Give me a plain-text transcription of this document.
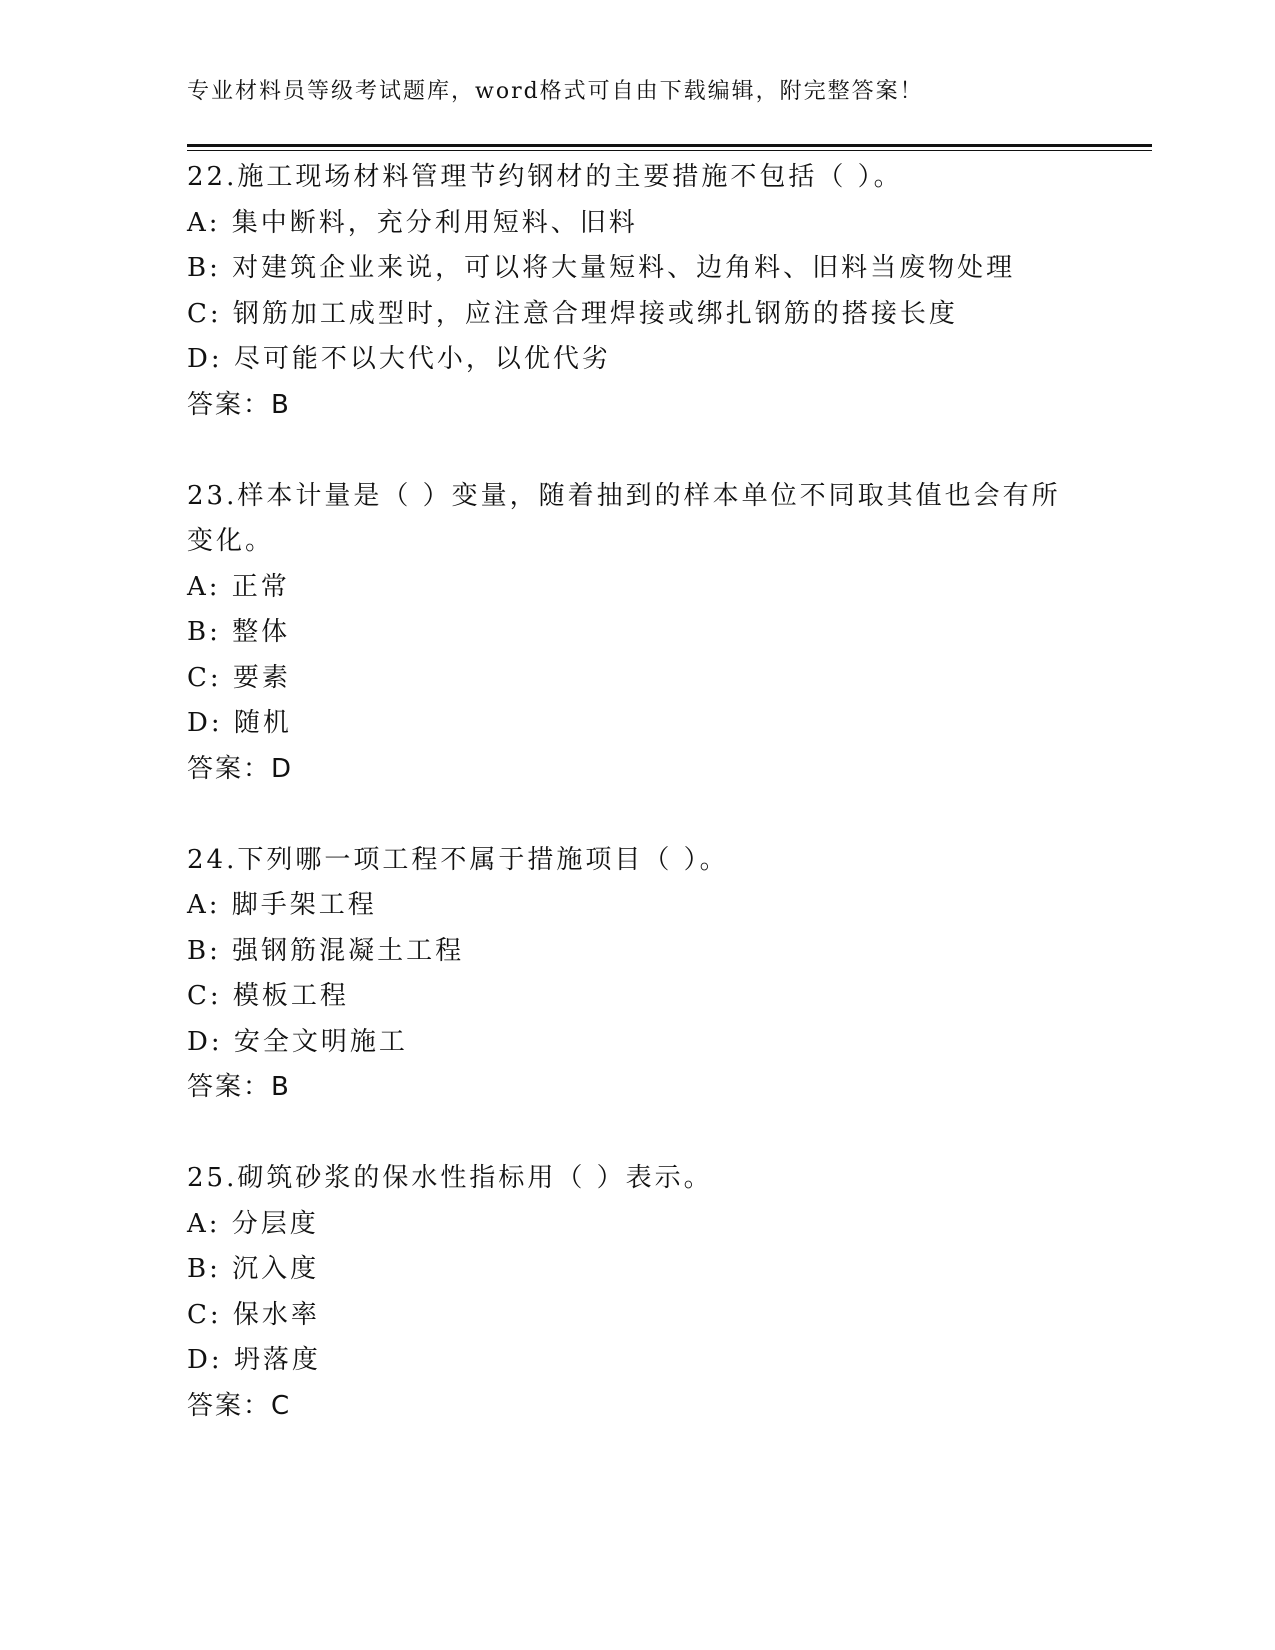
专业材料员等级考试题库，word格式可自由下载编辑，附完整答案！
22.施工现场材料管理节约钢材的主要措施不包括（ ）。
A: 集中断料，充分利用短料、旧料
B: 对建筑企业来说，可以将大量短料、边角料、旧料当废物处理
C: 钢筋加工成型时，应注意合理焊接或绑扎钢筋的搭接长度
D: 尽可能不以大代小，以优代劣
答案：B
23.样本计量是（ ）变量，随着抽到的样本单位不同取其值也会有所变化。
A: 正常
B: 整体
C: 要素
D: 随机
答案：D
24.下列哪一项工程不属于措施项目（ ）。
A: 脚手架工程
B: 强钢筋混凝土工程
C: 模板工程
D: 安全文明施工
答案：B
25.砌筑砂浆的保水性指标用（ ）表示。
A: 分层度
B: 沉入度
C: 保水率
D: 坍落度
答案：C
